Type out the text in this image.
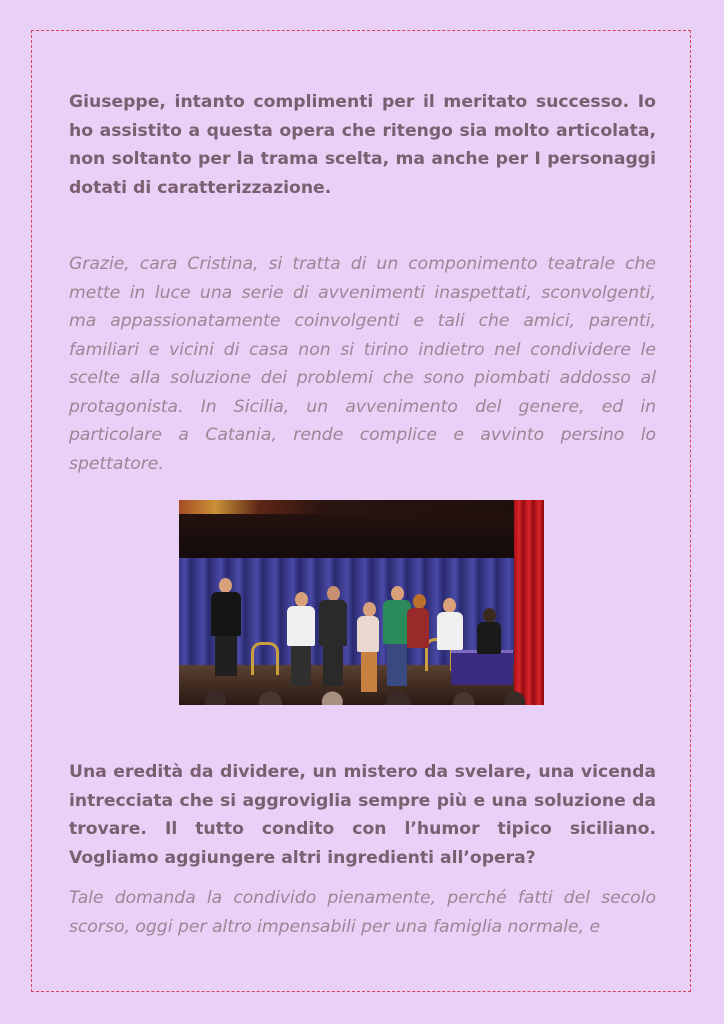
Giuseppe, intanto complimenti per il meritato successo. Io ho assistito a questa opera che ritengo sia molto articolata, non soltanto per la trama scelta, ma anche per I personaggi dotati di caratterizzazione.

Grazie, cara Cristina, si tratta di un componimento teatrale che mette in luce una serie di avvenimenti inaspettati, sconvolgenti, ma appassionatamente coinvolgenti e tali che amici, parenti, familiari e vicini di casa non si tirino indietro nel condividere le scelte alla soluzione dei problemi che sono piombati addosso al protagonista. In Sicilia, un avvenimento del genere, ed in particolare a Catania, rende complice e avvinto persino lo spettatore.

Una eredità da dividere, un mistero da svelare, una vicenda intrecciata che si aggroviglia sempre più e una soluzione da trovare. Il tutto condito con l’humor tipico siciliano. Vogliamo aggiungere altri ingredienti all’opera?

Tale domanda la condivido pienamente, perché fatti del secolo scorso, oggi per altro impensabili per una famiglia normale, e
